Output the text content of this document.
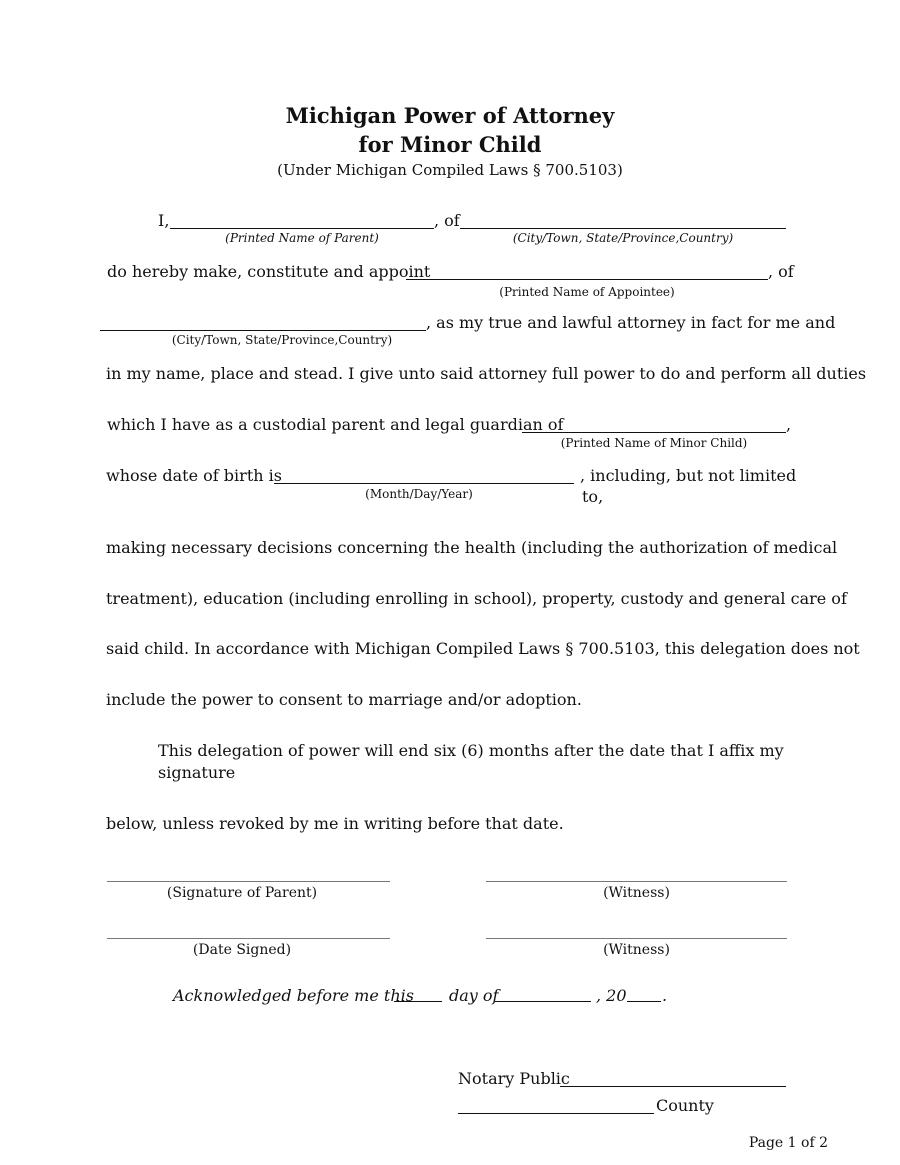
Michigan Power of Attorney
for Minor Child
(Under Michigan Compiled Laws § 700.5103)
I,	, of
(Printed Name of Parent)	(City/Town, State/Province,Country)
do hereby make, constitute and appoint	, of
(Printed Name of Appointee)
, as my true and lawful attorney in fact for me and
(City/Town, State/Province,Country)
in my name, place and stead. I give unto said attorney full power to do and perform all duties
which I have as a custodial parent and legal guardian of	,
(Printed Name of Minor Child)
whose date of birth is	, including, but not limited
(Month/Day/Year)	to,
making necessary decisions concerning the health (including the authorization of medical
treatment), education (including enrolling in school), property, custody and general care of
said child. In accordance with Michigan Compiled Laws § 700.5103, this delegation does not
include the power to consent to marriage and/or adoption.
This delegation of power will end six (6) months after the date that I affix my
signature
below, unless revoked by me in writing before that date.
(Signature of Parent)	(Witness)
(Date Signed)	(Witness)
Acknowledged before me this day of	, 20 .
Notary Public
County
Page 1 of 2
